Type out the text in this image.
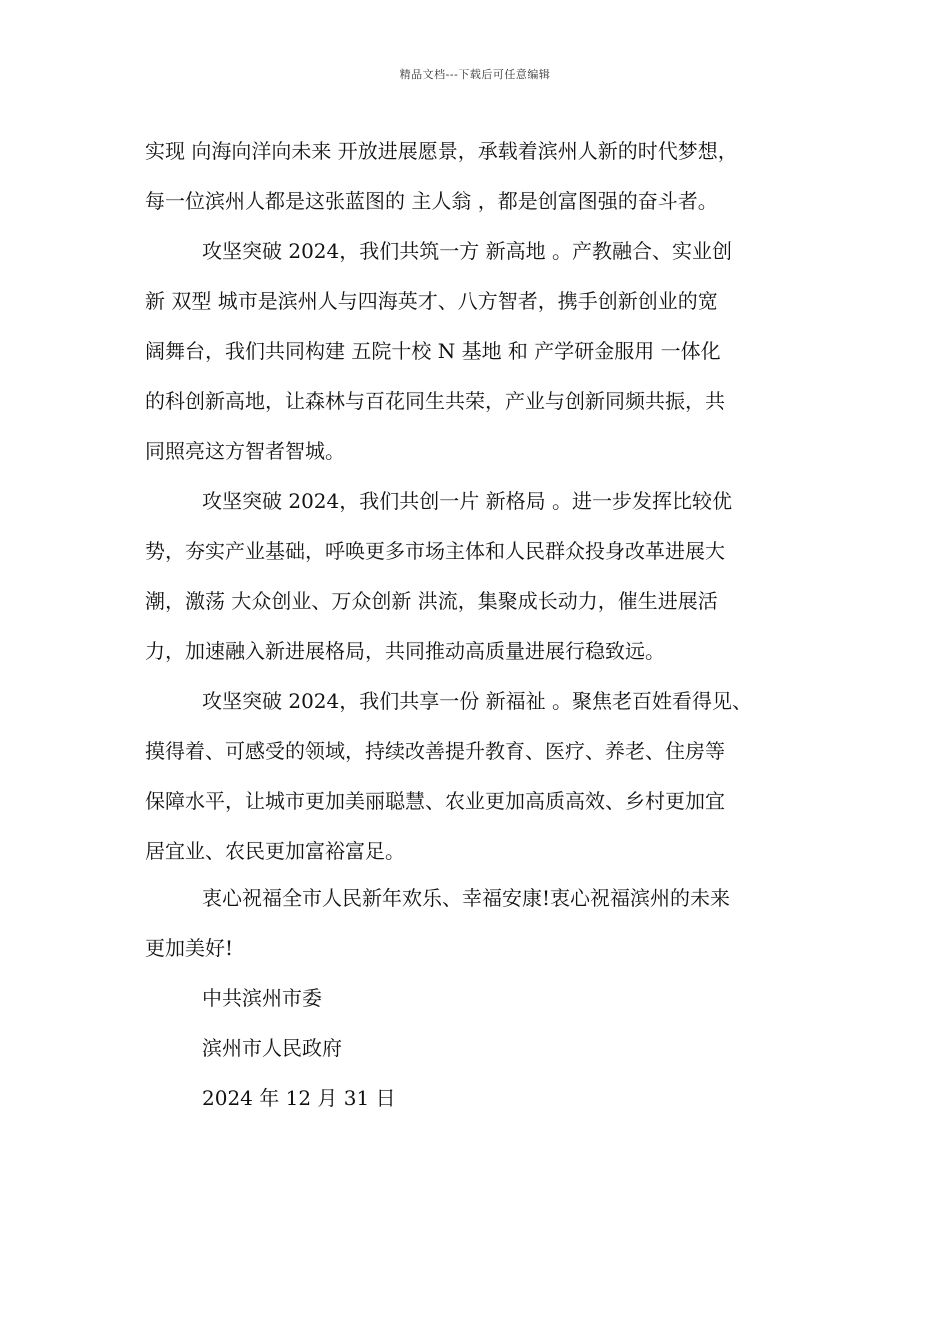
精品文档---下载后可任意编辑
实现 向海向洋向未来 开放进展愿景，承载着滨州人新的时代梦想，
每一位滨州人都是这张蓝图的 主人翁 ，都是创富图强的奋斗者。
攻坚突破 2024，我们共筑一方 新高地 。产教融合、实业创
新 双型 城市是滨州人与四海英才、八方智者，携手创新创业的宽
阔舞台，我们共同构建 五院十校 N 基地 和 产学研金服用 一体化
的科创新高地，让森林与百花同生共荣，产业与创新同频共振，共
同照亮这方智者智城。
攻坚突破 2024，我们共创一片 新格局 。进一步发挥比较优
势，夯实产业基础，呼唤更多市场主体和人民群众投身改革进展大
潮，激荡 大众创业、万众创新 洪流，集聚成长动力，催生进展活
力，加速融入新进展格局，共同推动高质量进展行稳致远。
攻坚突破 2024，我们共享一份 新福祉 。聚焦老百姓看得见、
摸得着、可感受的领域，持续改善提升教育、医疗、养老、住房等
保障水平，让城市更加美丽聪慧、农业更加高质高效、乡村更加宜
居宜业、农民更加富裕富足。
衷心祝福全市人民新年欢乐、幸福安康!衷心祝福滨州的未来
更加美好!
中共滨州市委
滨州市人民政府
2024 年 12 月 31 日
